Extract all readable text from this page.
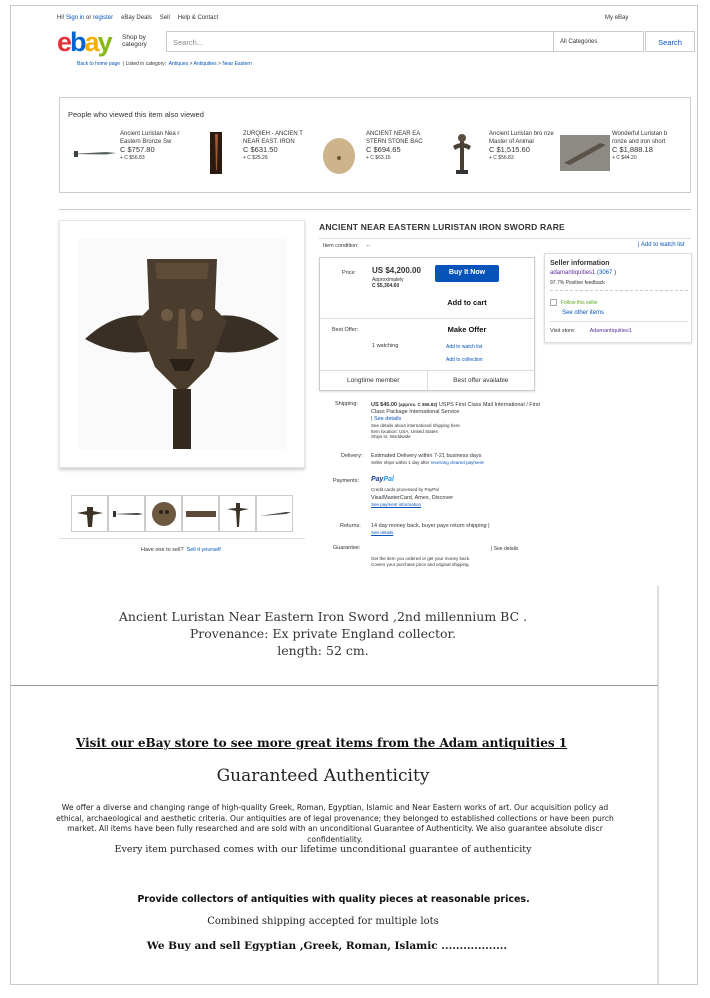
Hi! Sign in or register eBay Deals Sell Help & Contact	My eBay
ebay Shop by category	Search...	All Categories	Search
Back to home page | Listed in category: Antiques > Antiquities > Near Eastern
People who viewed this item also viewed
Ancient Luristan Nea r Eastern Bronze Sw
C $757.80
+ C $56.83
ZURQIEH - ANCIEN T NEAR EAST. IRON
C $631.50
+ C $25.26
ANCIENT NEAR EA STERN STONE BAC
C $694.65
+ C $63.15
Ancient Luristan bro nze Master of Animal
C $1,515.60
+ C $56.83
Wonderful Luristan b ronze and iron short
C $1,888.18
+ C $44.20
Have one to sell? Sell it yourself
ANCIENT NEAR EASTERN LURISTAN IRON SWORD RARE
Item condition: --	| Add to watch list
Price: US $4,200.00
Approximately
C $5,304.60
Buy It Now
Add to cart
Best Offer:	Make Offer
1 watching	Add to watch list
Add to collection
Longtime member	Best offer available
Seller information
adamantiquities1 (3067 )
97.7% Positive feedback
Follow this seller
See other items
Visit store:	Adamantiquities1
Shipping: US $45.00 (approx. C $56.83) USPS First Class Mail International / First Class Package International Service
| See details
See details about international shipping here.
Item location: USA, United States
Ships to: Worldwide
Delivery: Estimated Delivery within 7-21 business days
Seller ships within 1 day after receiving cleared payment-
Payments: PayPal
Credit cards processed by PayPal
Visa/MasterCard, Amex, Discover
See payment information
Returns: 14 day money back, buyer pays return shipping |
See details
Guarantee:	| See details
Get the item you ordered or get your money back.
Covers your purchase price and original shipping.
Ancient Luristan Near Eastern Iron Sword ,2nd millennium BC .
Provenance: Ex private England collector.
length: 52 cm.
Visit our eBay store to see more great items from the Adam antiquities 1
Guaranteed Authenticity
We offer a diverse and changing range of high-quality Greek, Roman, Egyptian, Islamic and Near Eastern works of art. Our acquisition policy ad
ethical, archaeological and aesthetic criteria. Our antiquities are of legal provenance; they belonged to established collections or have been purch
market. All items have been fully researched and are sold with an unconditional Guarantee of Authenticity. We also guarantee absolute discr
confidentiality.
Every item purchased comes with our lifetime unconditional guarantee of authenticity
Provide collectors of antiquities with quality pieces at reasonable prices.
Combined shipping accepted for multiple lots
We Buy and sell Egyptian ,Greek, Roman, Islamic ..................
